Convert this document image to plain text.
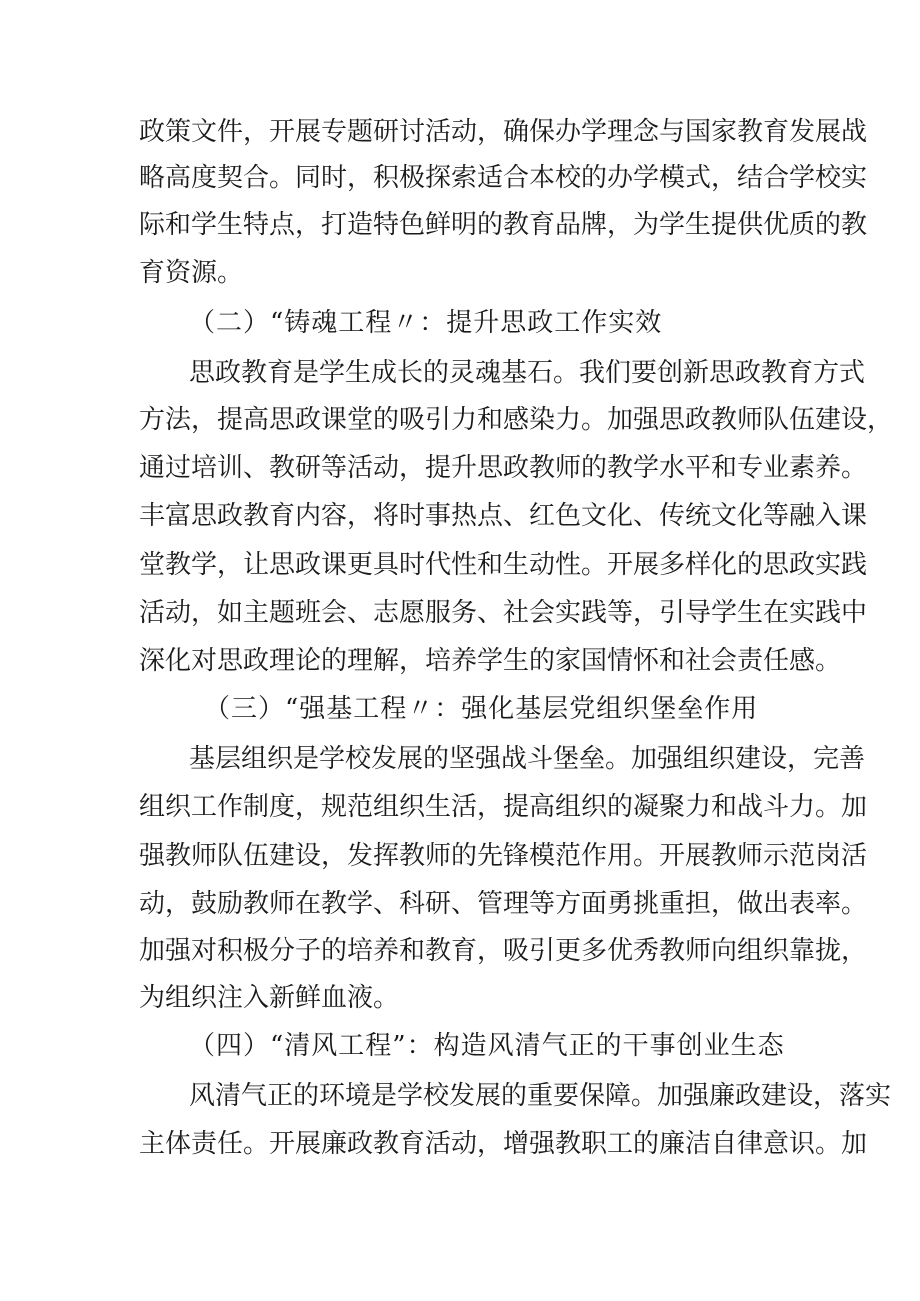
政策文件，开展专题研讨活动，确保办学理念与国家教育发展战
略高度契合。同时，积极探索适合本校的办学模式，结合学校实
际和学生特点，打造特色鲜明的教育品牌，为学生提供优质的教
育资源。
（二）“铸魂工程〃：提升思政工作实效
思政教育是学生成长的灵魂基石。我们要创新思政教育方式
方法，提高思政课堂的吸引力和感染力。加强思政教师队伍建设，
通过培训、教研等活动，提升思政教师的教学水平和专业素养。
丰富思政教育内容，将时事热点、红色文化、传统文化等融入课
堂教学，让思政课更具时代性和生动性。开展多样化的思政实践
活动，如主题班会、志愿服务、社会实践等，引导学生在实践中
深化对思政理论的理解，培养学生的家国情怀和社会责任感。
（三）“强基工程〃：强化基层党组织堡垒作用
基层组织是学校发展的坚强战斗堡垒。加强组织建设，完善
组织工作制度，规范组织生活，提高组织的凝聚力和战斗力。加
强教师队伍建设，发挥教师的先锋模范作用。开展教师示范岗活
动，鼓励教师在教学、科研、管理等方面勇挑重担，做出表率。
加强对积极分子的培养和教育，吸引更多优秀教师向组织靠拢，
为组织注入新鲜血液。
（四）“清风工程”：构造风清气正的干事创业生态
风清气正的环境是学校发展的重要保障。加强廉政建设，落实
主体责任。开展廉政教育活动，增强教职工的廉洁自律意识。加
